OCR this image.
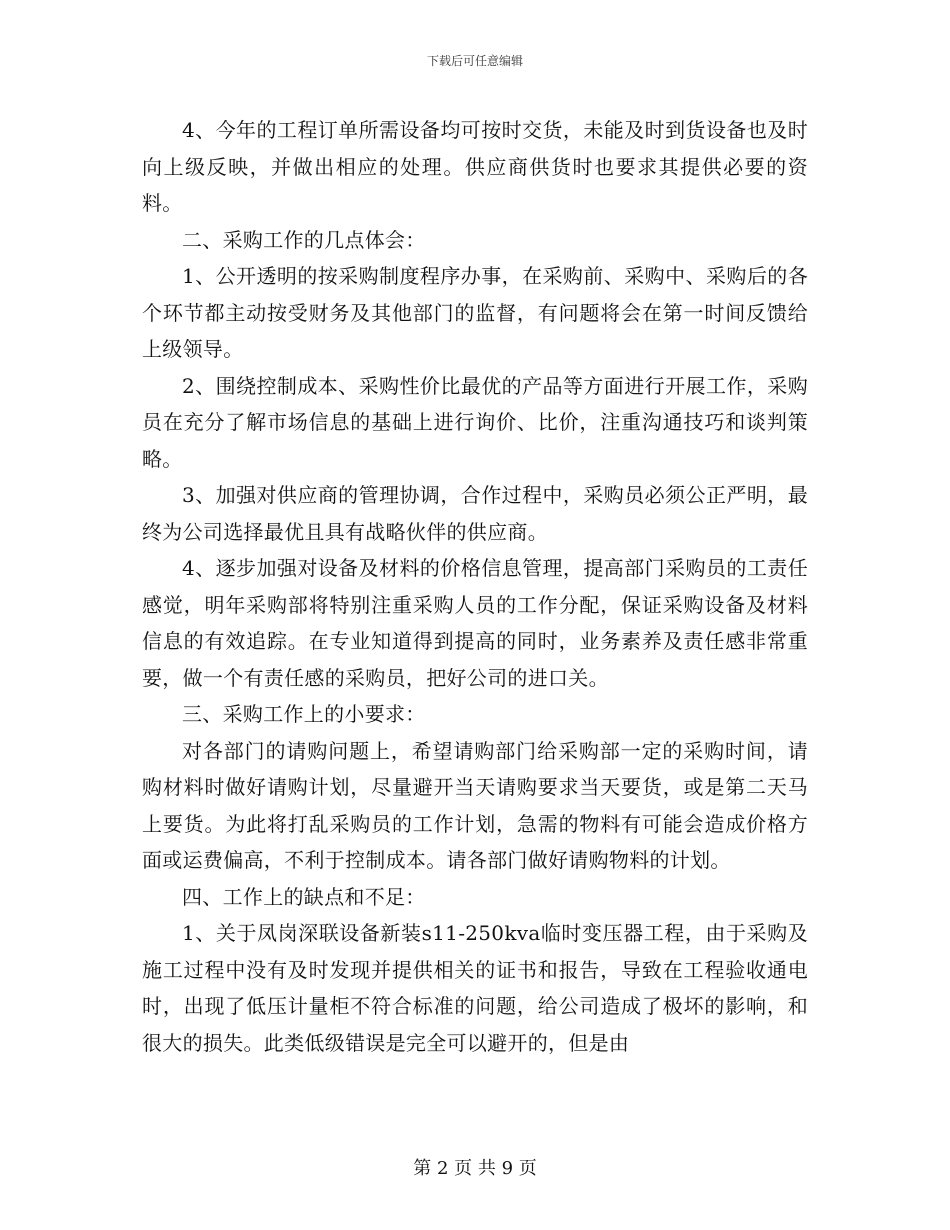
下载后可任意编辑

4、今年的工程订单所需设备均可按时交货，未能及时到货设备也及时向上级反映，并做出相应的处理。供应商供货时也要求其提供必要的资料。

二、采购工作的几点体会：

1、公开透明的按采购制度程序办事，在采购前、采购中、采购后的各个环节都主动按受财务及其他部门的监督，有问题将会在第一时间反馈给上级领导。

2、围绕控制成本、采购性价比最优的产品等方面进行开展工作，采购员在充分了解市场信息的基础上进行询价、比价，注重沟通技巧和谈判策略。

3、加强对供应商的管理协调，合作过程中，采购员必须公正严明，最终为公司选择最优且具有战略伙伴的供应商。

4、逐步加强对设备及材料的价格信息管理，提高部门采购员的工责任感觉，明年采购部将特别注重采购人员的工作分配，保证采购设备及材料信息的有效追踪。在专业知道得到提高的同时，业务素养及责任感非常重要，做一个有责任感的采购员，把好公司的进口关。

三、采购工作上的小要求：

对各部门的请购问题上，希望请购部门给采购部一定的采购时间，请购材料时做好请购计划，尽量避开当天请购要求当天要货，或是第二天马上要货。为此将打乱采购员的工作计划，急需的物料有可能会造成价格方面或运费偏高，不利于控制成本。请各部门做好请购物料的计划。

四、工作上的缺点和不足：

1、关于凤岗深联设备新装s11-250kva临时变压器工程，由于采购及施工过程中没有及时发现并提供相关的证书和报告，导致在工程验收通电时，出现了低压计量柜不符合标准的问题，给公司造成了极坏的影响，和很大的损失。此类低级错误是完全可以避开的，但是由

第 2 页 共 9 页
